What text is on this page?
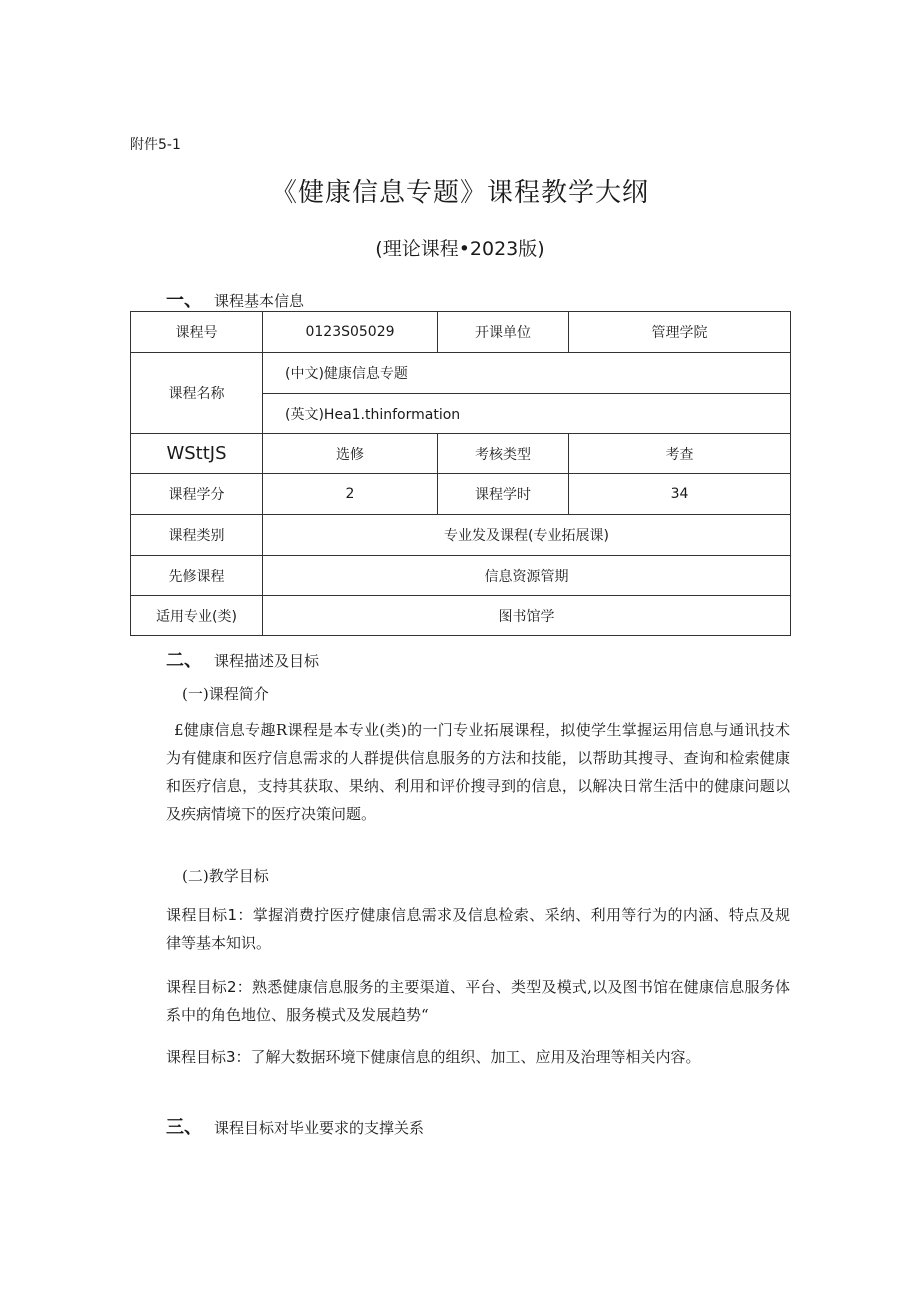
附件5-1
《健康信息专题》课程教学大纲
(理论课程•2023版)
一、 课程基本信息
课程号	0123S05029	开课单位	管理学院
课程名称	(中文)健康信息专题		
	(英文)Hea1.thinformation		
WSttJS	选修	考核类型	考查
课程学分	2	课程学时	34
课程类别	专业发及课程(专业拓展课)		
先修课程	信息资源管期		
适用专业(类)	图书馆学		
二、 课程描述及目标
(一)课程简介
£健康信息专趣R课程是本专业(类)的一门专业拓展课程，拟使学生掌握运用信息与通讯技术为有健康和医疗信息需求的人群提供信息服务的方法和技能，以帮助其搜寻、查询和检索健康和医疗信息，支持其获取、果纳、利用和评价搜寻到的信息，以解决日常生活中的健康问题以及疾病情境下的医疗决策问题。
(二)教学目标
课程目标1：掌握消费拧医疗健康信息需求及信息检索、采纳、利用等行为的内涵、特点及规律等基本知识。
课程目标2：熟悉健康信息服务的主要渠道、平台、类型及模式,以及图书馆在健康信息服务体系中的角色地位、服务模式及发展趋势“
课程目标3：了解大数据环境下健康信息的组织、加工、应用及治理等相关内容。
三、 课程目标对毕业要求的支撑关系
